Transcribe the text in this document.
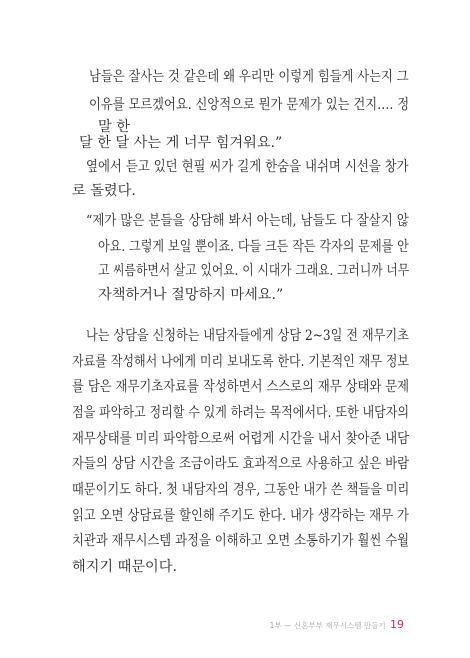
남들은 잘사는 것 같은데 왜 우리만 이렇게 힘들게 사는지 그
이유를 모르겠어요. 신앙적으로 뭔가 문제가 있는 건지…. 정
말 한
달 한 달 사는 게 너무 힘겨워요.”
옆에서 듣고 있던 현필 씨가 길게 한숨을 내쉬며 시선을 창가
로 돌렸다.
“제가 많은 분들을 상담해 봐서 아는데, 남들도 다 잘살지 않
아요. 그렇게 보일 뿐이죠. 다들 크든 작든 각자의 문제를 안
고 씨름하면서 살고 있어요. 이 시대가 그래요. 그러니까 너무
자책하거나 절망하지 마세요.”
나는 상담을 신청하는 내담자들에게 상담 2~3일 전 재무기초
자료를 작성해서 나에게 미리 보내도록 한다. 기본적인 재무 정보
를 담은 재무기초자료를 작성하면서 스스로의 재무 상태와 문제
점을 파악하고 정리할 수 있게 하려는 목적에서다. 또한 내담자의
재무상태를 미리 파악함으로써 어렵게 시간을 내서 찾아준 내담
자들의 상담 시간을 조금이라도 효과적으로 사용하고 싶은 바람
때문이기도 하다. 첫 내담자의 경우, 그동안 내가 쓴 책들을 미리
읽고 오면 상담료를 할인해 주기도 한다. 내가 생각하는 재무 가
치관과 재무시스템 과정을 이해하고 오면 소통하기가 훨씬 수월
해지기 때문이다.
1부 — 신혼부부 재무시스템 만들기 19
